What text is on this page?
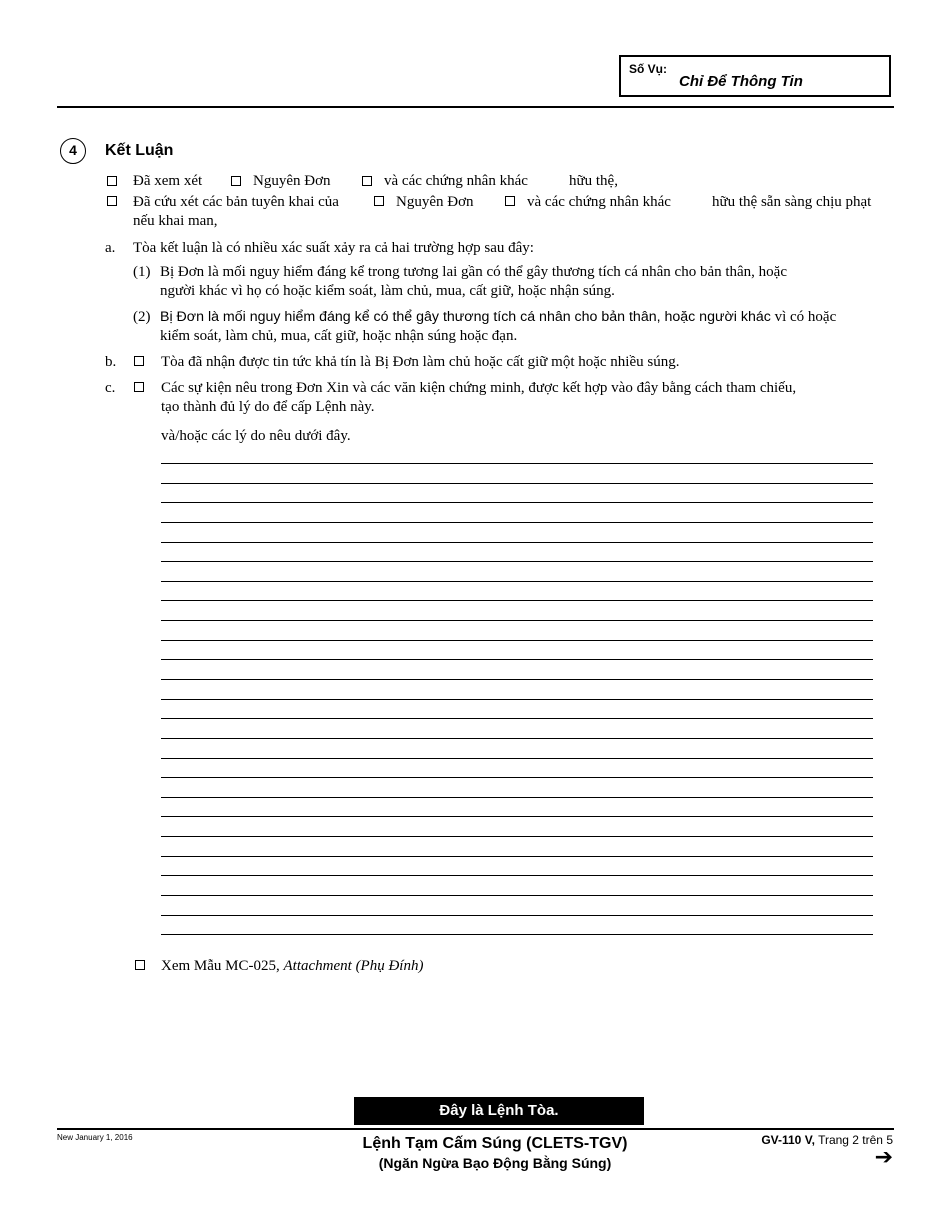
Số Vụ:
Chỉ Để Thông Tin
4	Kết Luận
Đã xem xét	Nguyên Đơn	và các chứng nhân khác	hữu thệ,
Đã cứu xét các bản tuyên khai của	Nguyên Đơn	và các chứng nhân khác	hữu thệ sẵn sàng chịu phạt
nếu khai man,
a. Tòa kết luận là có nhiều xác suất xảy ra cả hai trường hợp sau đây:
(1) Bị Đơn là mối nguy hiểm đáng kể trong tương lai gần có thể gây thương tích cá nhân cho bản thân, hoặc
người khác vì họ có hoặc kiểm soát, làm chủ, mua, cất giữ, hoặc nhận súng.
(2) Bị Đơn là mối nguy hiểm đáng kể có thể gây thương tích cá nhân cho bản thân, hoặc người khác vì có hoặc
kiểm soát, làm chủ, mua, cất giữ, hoặc nhận súng hoặc đạn.
b.	Tòa đã nhận được tin tức khả tín là Bị Đơn làm chủ hoặc cất giữ một hoặc nhiều súng.
c.	Các sự kiện nêu trong Đơn Xin và các văn kiện chứng minh, được kết hợp vào đây bằng cách tham chiếu,
tạo thành đủ lý do để cấp Lệnh này.
và/hoặc các lý do nêu dưới đây.
Xem Mẫu MC-025, Attachment (Phụ Đính)
Đây là Lệnh Tòa.
New January 1, 2016	Lệnh Tạm Cấm Súng (CLETS-TGV)
(Ngăn Ngừa Bạo Động Bằng Súng)
GV-110 V, Trang 2 trên 5
➔
